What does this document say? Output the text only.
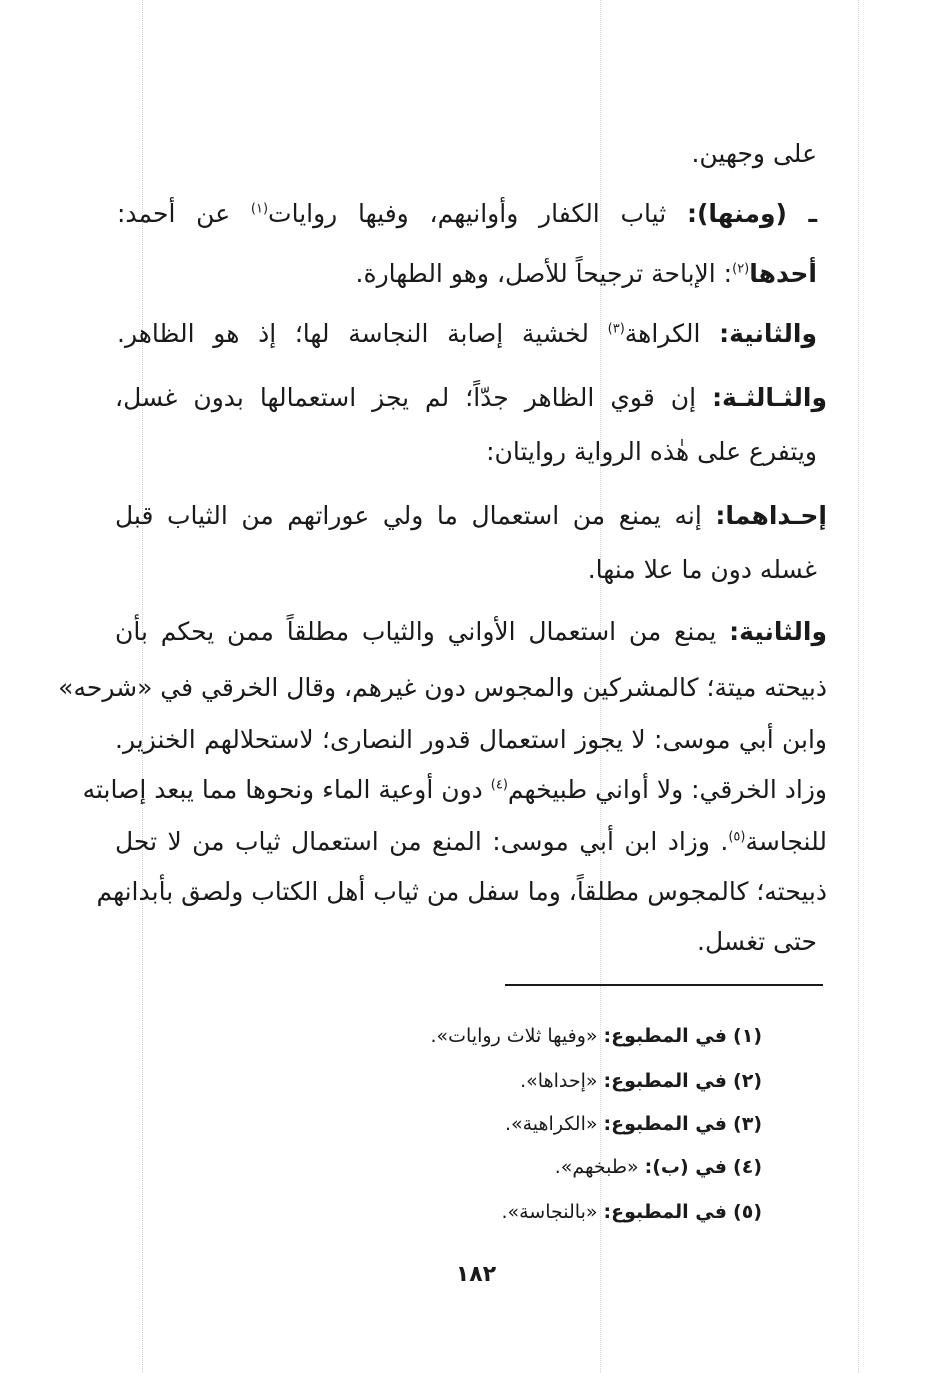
على وجهين.
ـ (ومنها): ثياب الكفار وأوانيهم، وفيها روايات$^{(١)}$ عن أحمد:
أحدها$^{(٢)}$: الإباحة ترجيحاً للأصل، وهو الطهارة.
والثانية: الكراهة$^{(٣)}$ لخشية إصابة النجاسة لها؛ إذ هو الظاهر.
والثـالثـة: إن قوي الظاهر جدّاً؛ لم يجز استعمالها بدون غسل،
ويتفرع على هٰذه الرواية روايتان:
إحـداهما: إنه يمنع من استعمال ما ولي عوراتهم من الثياب قبل
غسله دون ما علا منها.
والثانية: يمنع من استعمال الأواني والثياب مطلقاً ممن يحكم بأن
ذبيحته ميتة؛ كالمشركين والمجوس دون غيرهم، وقال الخرقي في «شرحه»
وابن أبي موسى: لا يجوز استعمال قدور النصارى؛ لاستحلالهم الخنزير.
وزاد الخرقي: ولا أواني طبيخهم$^{(٤)}$ دون أوعية الماء ونحوها مما يبعد إصابته
للنجاسة$^{(٥)}$. وزاد ابن أبي موسى: المنع من استعمال ثياب من لا تحل
ذبيحته؛ كالمجوس مطلقاً، وما سفل من ثياب أهل الكتاب ولصق بأبدانهم
حتى تغسل.
(١) في المطبوع: «وفيها ثلاث روايات».
(٢) في المطبوع: «إحداها».
(٣) في المطبوع: «الكراهية».
(٤) في (ب): «طبخهم».
(٥) في المطبوع: «بالنجاسة».
١٨٢
